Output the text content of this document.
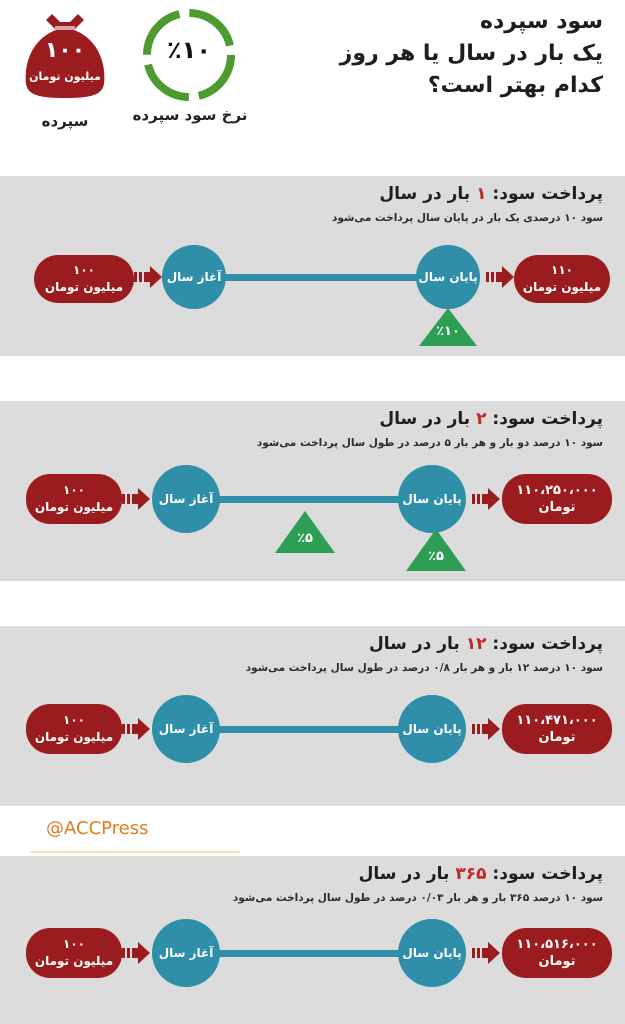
سود سپرده
یک بار در سال یا هر روز
کدام بهتر است؟
۱۰۰
میلیون تومان
سپرده
٪۱۰
نرخ سود سپرده
پرداخت سود: ۱ بار در سال
سود ۱۰ درصدی یک بار در پایان سال پرداخت می‌شود
۱۰۰
میلیون تومان
آغاز سال	پایان سال	۱۱۰
میلیون تومان
٪۱۰
پرداخت سود: ۲ بار در سال
سود ۱۰ درصد دو بار و هر بار ۵ درصد در طول سال پرداخت می‌شود
۱۰۰
میلیون تومان
آغاز سال	پایان سال
۱۱۰،۲۵۰،۰۰۰
تومان
٪۵
٪۵
پرداخت سود: ۱۲ بار در سال
سود ۱۰ درصد ۱۲ بار و هر بار ۰/۸ درصد در طول سال پرداخت می‌شود
۱۰۰
میلیون تومان
آغاز سال	پایان سال
۱۱۰،۴۷۱،۰۰۰
تومان
@ACCPress
پرداخت سود: ۳۶۵ بار در سال
سود ۱۰ درصد ۳۶۵ بار و هر بار ۰/۰۳ درصد در طول سال پرداخت می‌شود
۱۰۰
میلیون تومان
آغاز سال	پایان سال
۱۱۰،۵۱۶،۰۰۰
تومان
